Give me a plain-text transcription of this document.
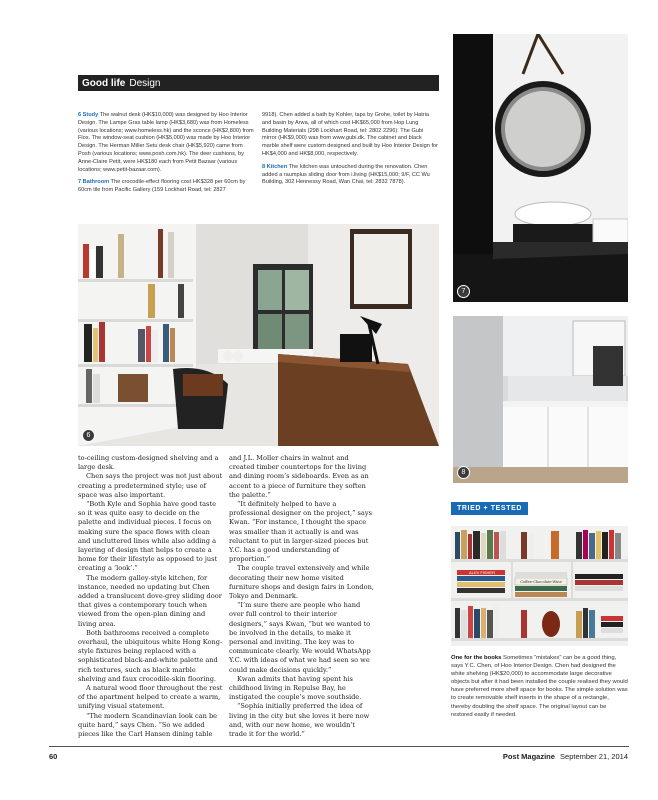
Good life Design
6 Study The walnut desk (HK$10,000) was designed by Hoo Interior Design. The Lampe Gras table lamp (HK$3,680) was from Homeless (various locations; www.homeless.hk) and the sconce (HK$2,800) from Flos. The window-seat cushion (HK$5,000) was made by Hoo Interior Design. The Herman Miller Setu desk chair (HK$5,920) came from Posh (various locations; www.posh.com.hk). The deer cushions, by Anne-Claire Petit, were HK$180 each from Petit Bazaar (various locations; www.petit-bazaar.com).
7 Bathroom The crocodile-effect flooring cost HK$328 per 60cm by 60cm tile from Pacific Gallery (159 Lockhart Road, tel: 2827
9918). Chen added a bath by Kohler, taps by Grohe, toilet by Hatria and basin by Arwa, all of which cost HK$65,000 from Hop Lung Building Materials (298 Lockhart Road, tel: 2802 2296). The Gubi mirror (HK$9,000) was from www.gubi.dk. The cabinet and black marble shelf were custom designed and built by Hoo Interior Design for HK$4,000 and HK$8,000, respectively.
8 Kitchen The kitchen was untouched during the renovation. Chen added a raumplus sliding door from i.living (HK$15,000; 9/F, CC Wu Building, 302 Hennessy Road, Wan Chai, tel: 2832 7878).
6
7
8

to-ceiling custom-designed shelving and a large desk.

Chen says the project was not just about creating a predetermined style; use of space was also important.

“Both Kyle and Sophia have good taste so it was quite easy to decide on the palette and individual pieces. I focus on making sure the space flows with clean and uncluttered lines while also adding a layering of design that helps to create a home for their lifestyle as opposed to just creating a ‘look’.”

The modern galley-style kitchen, for instance, needed no updating but Chen added a translucent dove-grey sliding door that gives a contemporary touch when viewed from the open-plan dining and living area.

Both bathrooms received a complete overhaul, the ubiquitous white Hong Kong-style fixtures being replaced with a sophisticated black-and-white palette and rich textures, such as black marble shelving and faux crocodile-skin flooring.

A natural wood floor throughout the rest of the apartment helped to create a warm, unifying visual statement.

“The modern Scandinavian look can be quite hard,” says Chen. “So we added pieces like the Carl Hansen dining table

and J.L. Moller chairs in walnut and created timber countertops for the living and dining room’s sideboards. Even as an accent to a piece of furniture they soften the palette.”

“It definitely helped to have a professional designer on the project,” says Kwan. “For instance, I thought the space was smaller than it actually is and was reluctant to put in larger-sized pieces but Y.C. has a good understanding of proportion.”

The couple travel extensively and while decorating their new home visited furniture shops and design fairs in London, Tokyo and Denmark.

“I’m sure there are people who hand over full control to their interior designers,” says Kwan, “but we wanted to be involved in the details, to make it personal and inviting. The key was to communicate clearly. We would WhatsApp Y.C. with ideas of what we had seen so we could make decisions quickly.”

Kwan admits that having spent his childhood living in Repulse Bay, he instigated the couple’s move southside.

“Sophia initially preferred the idea of living in the city but she loves it here now and, with our new home, we wouldn’t trade it for the world.”

TRIED + TESTED
ALEX FISHER
Coffee-Chocolate-Wine
One for the books Sometimes “mistakes” can be a good thing, says Y.C. Chen, of Hoo Interior Design. Chen had designed the white shelving (HK$20,000) to accommodate large decorative objects but after it had been installed the couple realised they would have preferred more shelf space for books. The simple solution was to create removable shelf inserts in the shape of a rectangle, thereby doubling the shelf space. The original layout can be restored easily if needed.
60	Post Magazine September 21, 2014
